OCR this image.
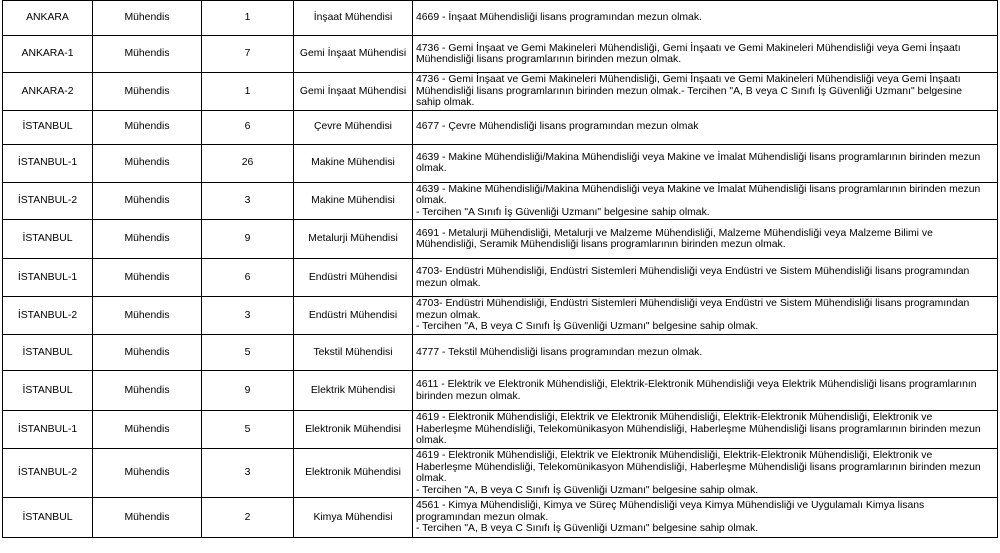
ANKARA	Mühendis	1	İnşaat Mühendisi	4669 - İnşaat Mühendisliği lisans programından mezun olmak.
ANKARA-1	Mühendis	7	Gemi İnşaat Mühendisi	4736 - Gemi İnşaat ve Gemi Makineleri Mühendisliği, Gemi İnşaatı ve Gemi Makineleri Mühendisliği veya Gemi İnşaatı
Mühendisliği lisans programlarının birinden mezun olmak.
ANKARA-2	Mühendis	1	Gemi İnşaat Mühendisi	4736 - Gemi İnşaat ve Gemi Makineleri Mühendisliği, Gemi İnşaatı ve Gemi Makineleri Mühendisliği veya Gemi İnşaatı
Mühendisliği lisans programlarının birinden mezun olmak.- Tercihen "A, B veya C Sınıfı İş Güvenliği Uzmanı" belgesine
sahip olmak.
İSTANBUL	Mühendis	6	Çevre Mühendisi	4677 - Çevre Mühendisliği lisans programından mezun olmak
İSTANBUL-1	Mühendis	26	Makine Mühendisi	4639 - Makine Mühendisliği/Makina Mühendisliği veya Makine ve İmalat Mühendisliği lisans programlarının birinden mezun
olmak.
İSTANBUL-2	Mühendis	3	Makine Mühendisi	4639 - Makine Mühendisliği/Makina Mühendisliği veya Makine ve İmalat Mühendisliği lisans programlarının birinden mezun
olmak.
- Tercihen "A Sınıfı İş Güvenliği Uzmanı" belgesine sahip olmak.
İSTANBUL	Mühendis	9	Metalurji Mühendisi	4691 - Metalurji Mühendisliği, Metalurji ve Malzeme Mühendisliği, Malzeme Mühendisliği veya Malzeme Bilimi ve
Mühendisliği, Seramik Mühendisliği lisans programlarının birinden mezun olmak.
İSTANBUL-1	Mühendis	6	Endüstri Mühendisi	4703- Endüstri Mühendisliği, Endüstri Sistemleri Mühendisliği veya Endüstri ve Sistem Mühendisliği lisans programından
mezun olmak.
İSTANBUL-2	Mühendis	3	Endüstri Mühendisi	4703- Endüstri Mühendisliği, Endüstri Sistemleri Mühendisliği veya Endüstri ve Sistem Mühendisliği lisans programından
mezun olmak.
- Tercihen "A, B veya C Sınıfı İş Güvenliği Uzmanı" belgesine sahip olmak.
İSTANBUL	Mühendis	5	Tekstil Mühendisi	4777 - Tekstil Mühendisliği lisans programından mezun olmak.
İSTANBUL	Mühendis	9	Elektrik Mühendisi	4611 - Elektrik ve Elektronik Mühendisliği, Elektrik-Elektronik Mühendisliği veya Elektrik Mühendisliği lisans programlarının
birinden mezun olmak.
İSTANBUL-1	Mühendis	5	Elektronik Mühendisi	4619 - Elektronik Mühendisliği, Elektrik ve Elektronik Mühendisliği, Elektrik-Elektronik Mühendisliği, Elektronik ve
Haberleşme Mühendisliği, Telekomünikasyon Mühendisliği, Haberleşme Mühendisliği lisans programlarının birinden mezun
olmak.
İSTANBUL-2	Mühendis	3	Elektronik Mühendisi	4619 - Elektronik Mühendisliği, Elektrik ve Elektronik Mühendisliği, Elektrik-Elektronik Mühendisliği, Elektronik ve
Haberleşme Mühendisliği, Telekomünikasyon Mühendisliği, Haberleşme Mühendisliği lisans programlarının birinden mezun
olmak.
- Tercihen "A, B veya C Sınıfı İş Güvenliği Uzmanı" belgesine sahip olmak.
İSTANBUL	Mühendis	2	Kimya Mühendisi	4561 - Kimya Mühendisliği, Kimya ve Süreç Mühendisliği veya Kimya Mühendisliği ve Uygulamalı Kimya lisans
programından mezun olmak.
- Tercihen "A, B veya C Sınıfı İş Güvenliği Uzmanı" belgesine sahip olmak.
